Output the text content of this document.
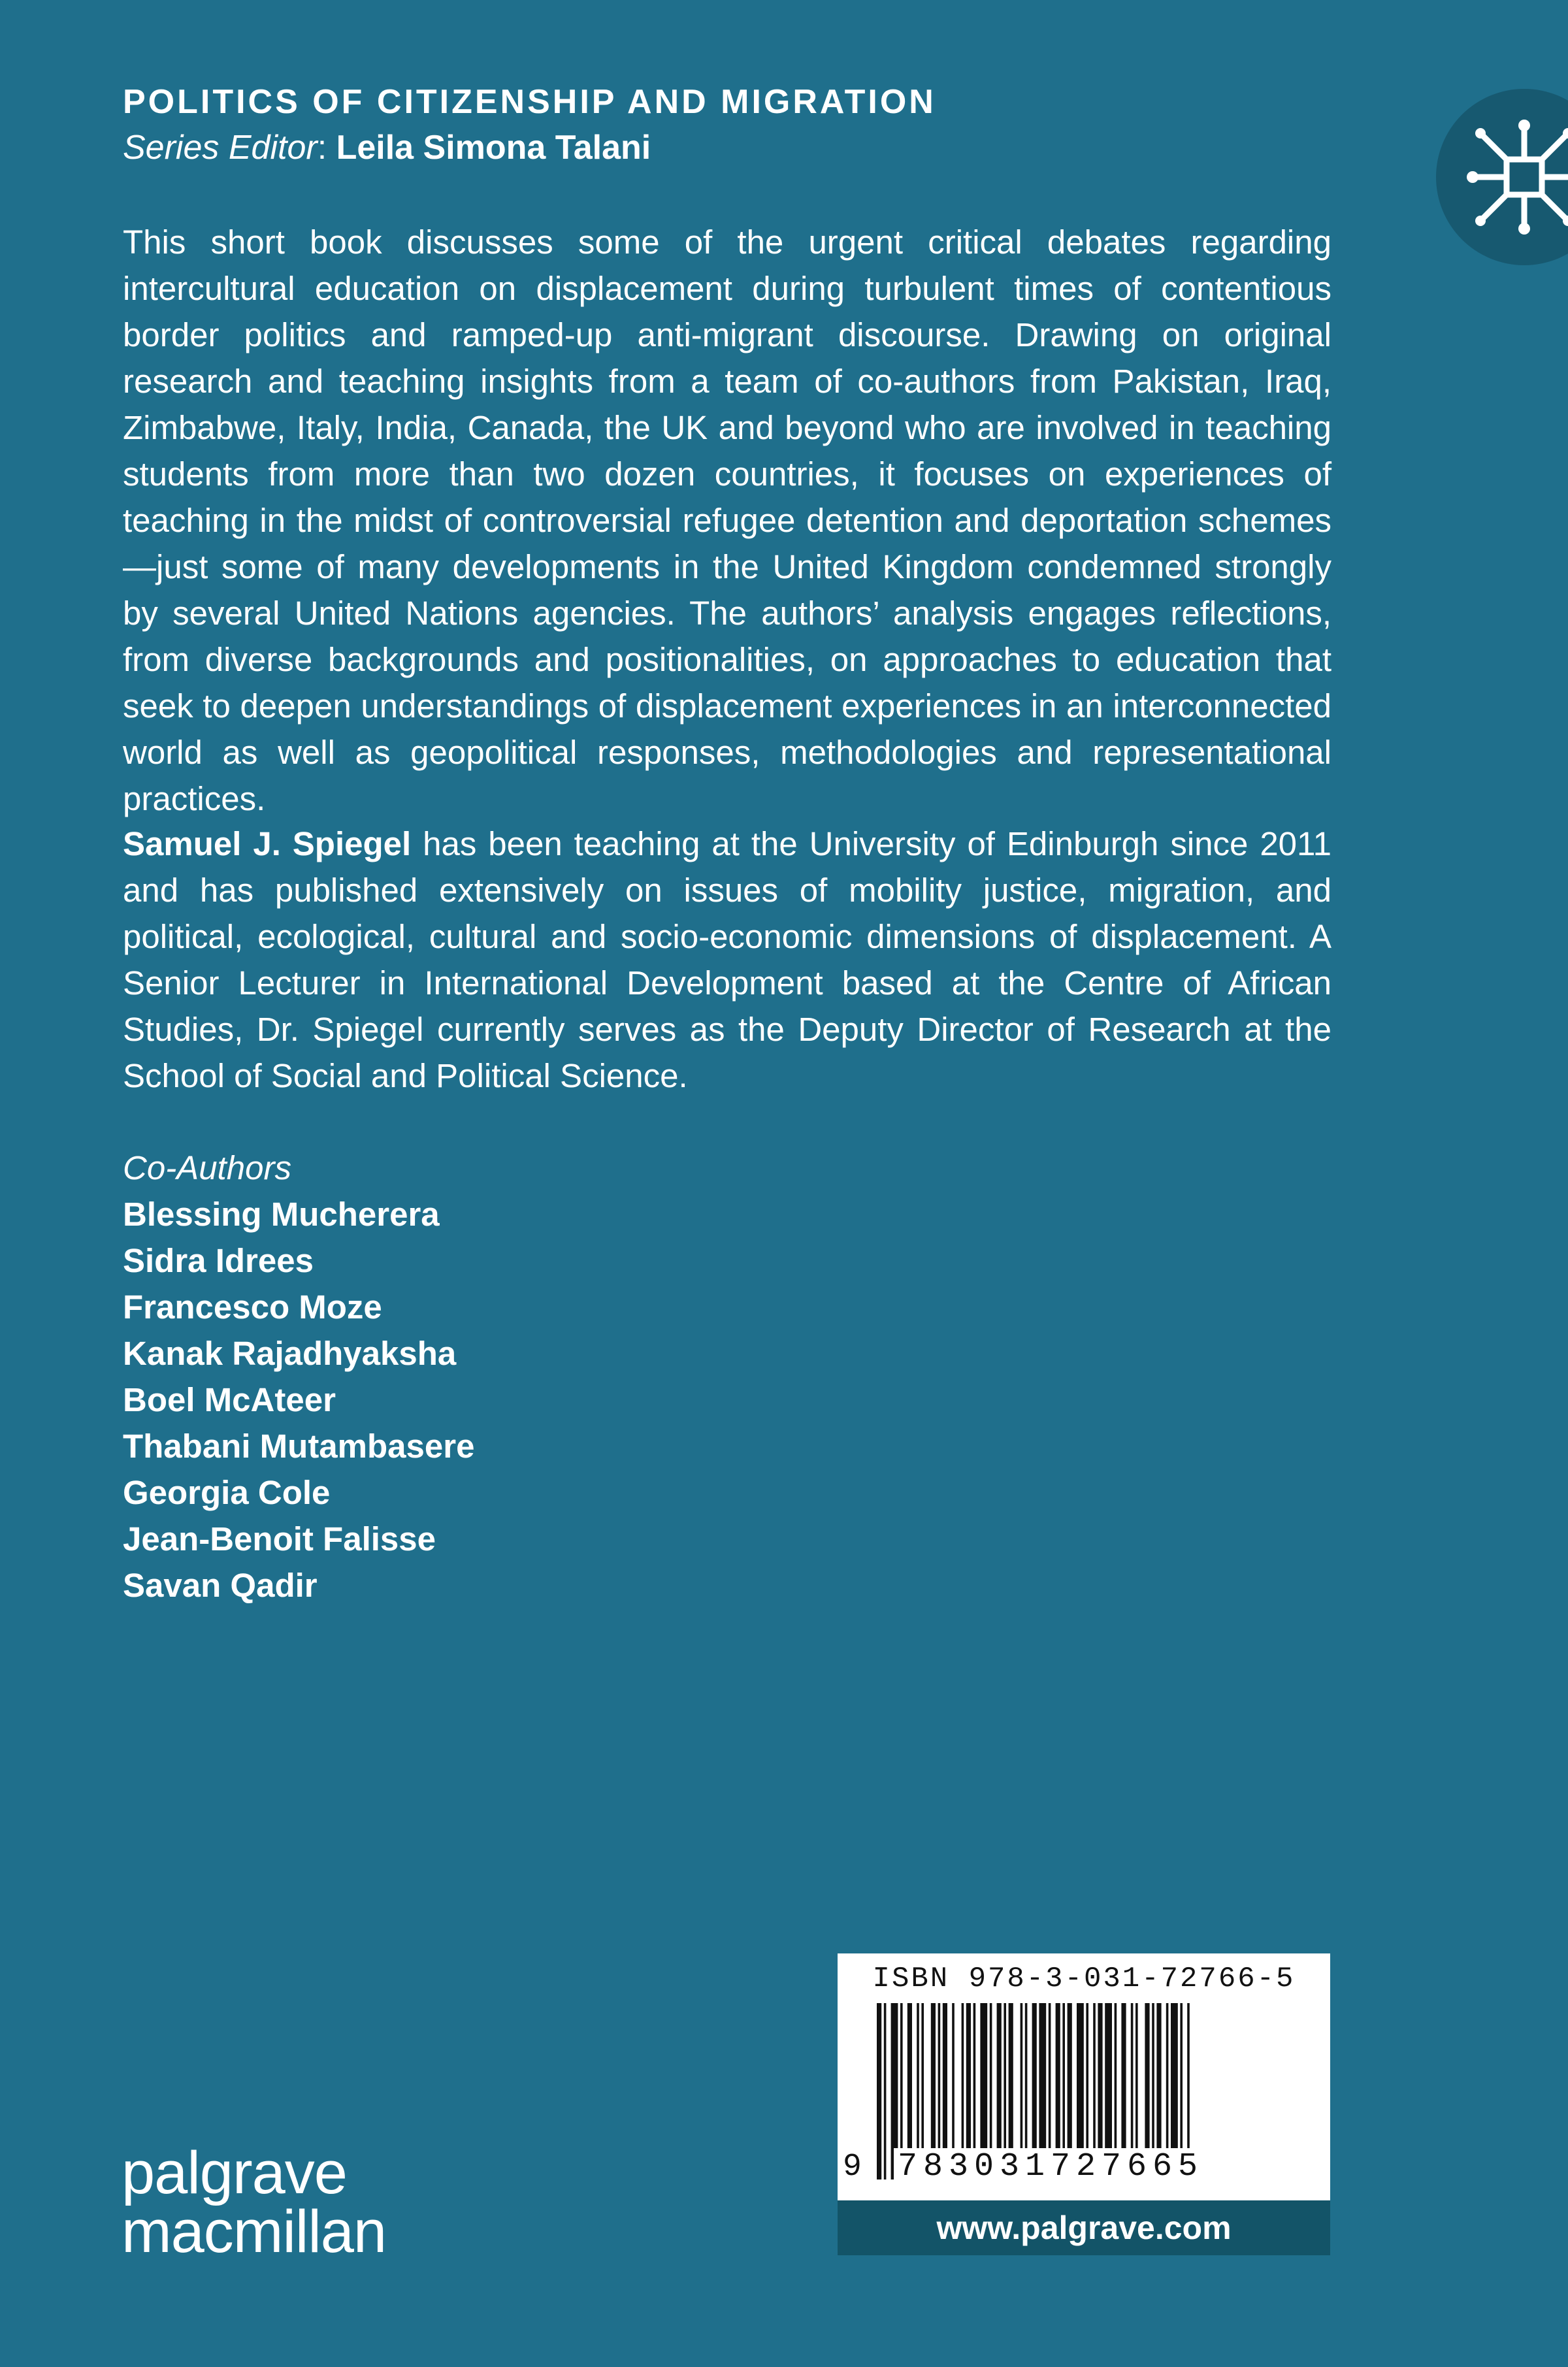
POLITICS OF CITIZENSHIP AND MIGRATION
Series Editor: Leila Simona Talani
This short book discusses some of the urgent critical debates regarding intercultural education on displacement during turbulent times of contentious border politics and ramped-up anti-migrant discourse. Drawing on original research and teaching insights from a team of co-authors from Pakistan, Iraq, Zimbabwe, Italy, India, Canada, the UK and beyond who are involved in teaching students from more than two dozen countries, it focuses on experiences of teaching in the midst of controversial refugee detention and deportation schemes—just some of many developments in the United Kingdom condemned strongly by several United Nations agencies. The authors’ analysis engages reflections, from diverse backgrounds and positionalities, on approaches to education that seek to deepen understandings of displacement experiences in an interconnected world as well as geopolitical responses, methodologies and representational practices.
Samuel J. Spiegel has been teaching at the University of Edinburgh since 2011 and has published extensively on issues of mobility justice, migration, and political, ecological, cultural and socio-economic dimensions of displacement. A Senior Lecturer in International Development based at the Centre of African Studies, Dr. Spiegel currently serves as the Deputy Director of Research at the School of Social and Political Science.
Co-Authors
Blessing Mucherera
Sidra Idrees
Francesco Moze
Kanak Rajadhyaksha
Boel McAteer
Thabani Mutambasere
Georgia Cole
Jean-Benoit Falisse
Savan Qadir
palgrave
macmillan
ISBN 978-3-031-72766-5
9 783031727665
www.palgrave.com
